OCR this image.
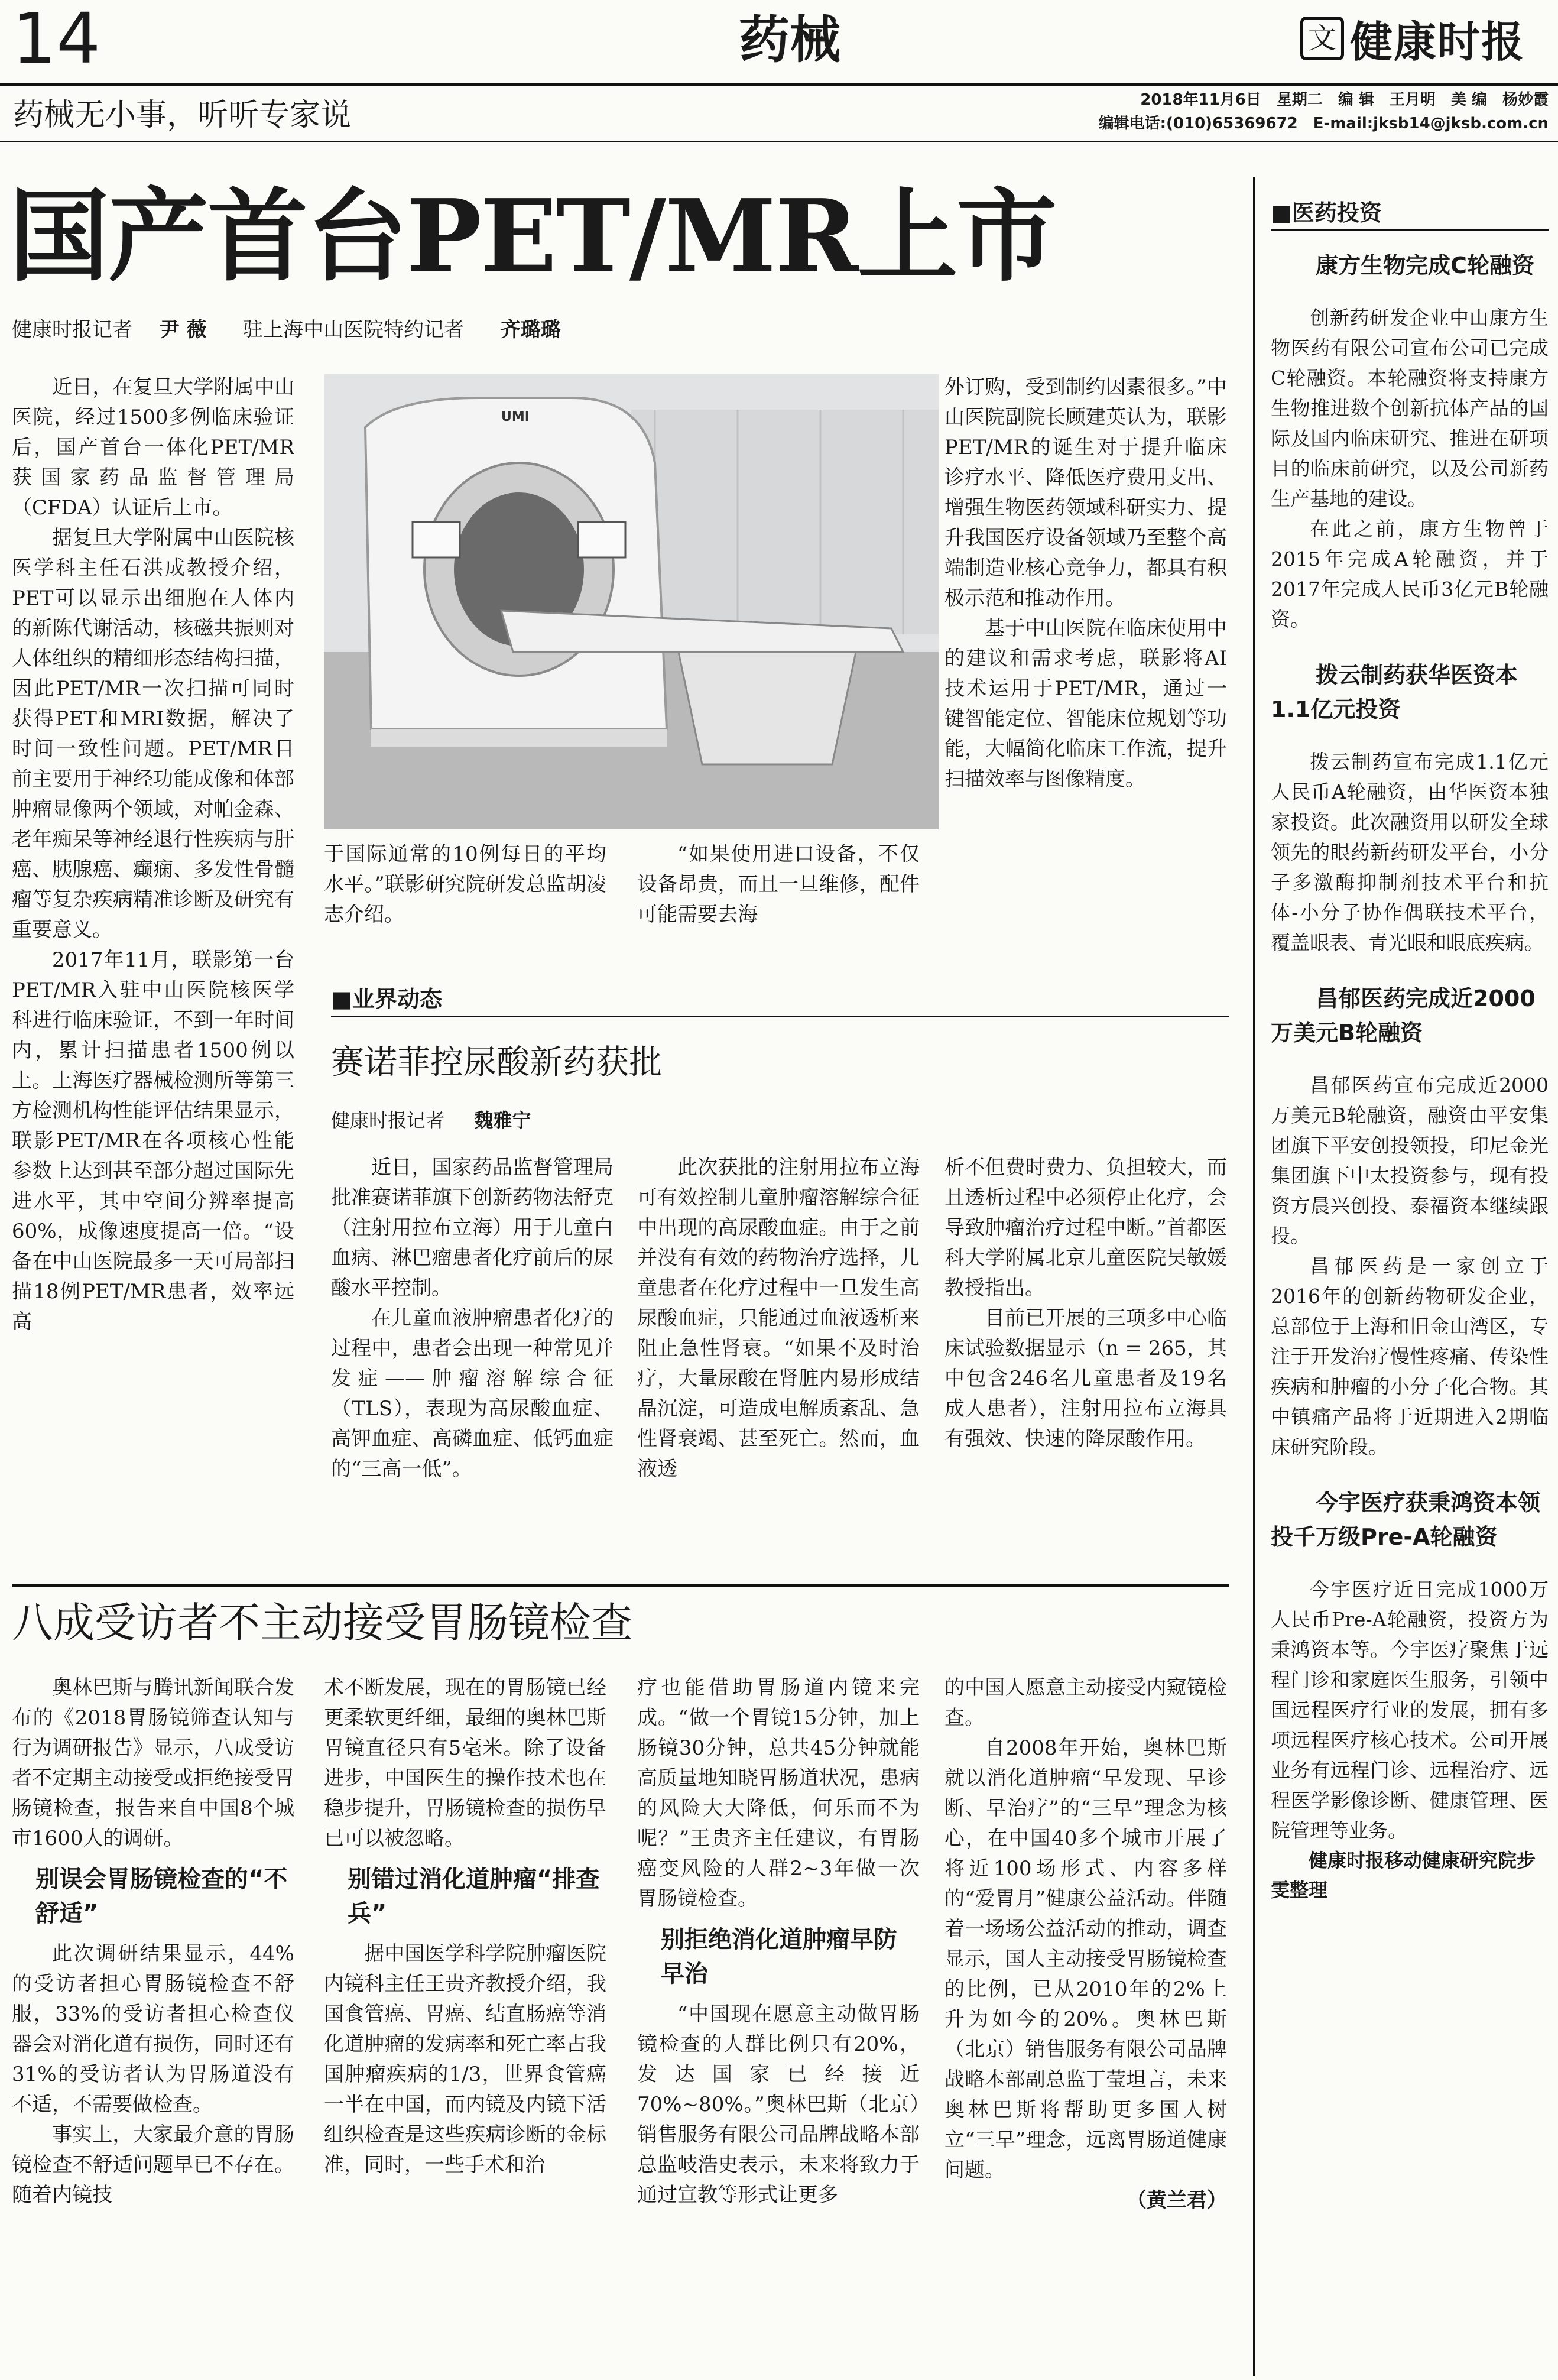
14	药械	文 健康时报
药械无小事，听听专家说	2018年11月6日　星期二　编 辑　王月明　美 编　杨妙霞
编辑电话:(010)65369672　E-mail:jksb14@jksb.com.cn
国产首台PET/MR上市
健康时报记者 尹 薇 驻上海中山医院特约记者 齐璐璐

近日，在复旦大学附属中山医院，经过1500多例临床验证后，国产首台一体化PET/MR获国家药品监督管理局（CFDA）认证后上市。

据复旦大学附属中山医院核医学科主任石洪成教授介绍，PET可以显示出细胞在人体内的新陈代谢活动，核磁共振则对人体组织的精细形态结构扫描，因此PET/MR一次扫描可同时获得PET和MRI数据，解决了时间一致性问题。PET/MR目前主要用于神经功能成像和体部肿瘤显像两个领域，对帕金森、老年痴呆等神经退行性疾病与肝癌、胰腺癌、癫痫、多发性骨髓瘤等复杂疾病精准诊断及研究有重要意义。

2017年11月，联影第一台PET/MR入驻中山医院核医学科进行临床验证，不到一年时间内，累计扫描患者1500例以上。上海医疗器械检测所等第三方检测机构性能评估结果显示，联影PET/MR在各项核心性能参数上达到甚至部分超过国际先进水平，其中空间分辨率提高60%，成像速度提高一倍。“设备在中山医院最多一天可局部扫描18例PET/MR患者，效率远高

UMI

于国际通常的10例每日的平均水平。”联影研究院研发总监胡凌志介绍。

“如果使用进口设备，不仅设备昂贵，而且一旦维修，配件可能需要去海

外订购，受到制约因素很多。”中山医院副院长顾建英认为，联影PET/MR的诞生对于提升临床诊疗水平、降低医疗费用支出、增强生物医药领域科研实力、提升我国医疗设备领域乃至整个高端制造业核心竞争力，都具有积极示范和推动作用。

基于中山医院在临床使用中的建议和需求考虑，联影将AI技术运用于PET/MR，通过一键智能定位、智能床位规划等功能，大幅简化临床工作流，提升扫描效率与图像精度。

■业界动态
赛诺菲控尿酸新药获批
健康时报记者 魏雅宁

近日，国家药品监督管理局批准赛诺菲旗下创新药物法舒克（注射用拉布立海）用于儿童白血病、淋巴瘤患者化疗前后的尿酸水平控制。

在儿童血液肿瘤患者化疗的过程中，患者会出现一种常见并发症——肿瘤溶解综合征（TLS），表现为高尿酸血症、高钾血症、高磷血症、低钙血症的“三高一低”。

此次获批的注射用拉布立海可有效控制儿童肿瘤溶解综合征中出现的高尿酸血症。由于之前并没有有效的药物治疗选择，儿童患者在化疗过程中一旦发生高尿酸血症，只能通过血液透析来阻止急性肾衰。“如果不及时治疗，大量尿酸在肾脏内易形成结晶沉淀，可造成电解质紊乱、急性肾衰竭、甚至死亡。然而，血液透

析不但费时费力、负担较大，而且透析过程中必须停止化疗，会导致肿瘤治疗过程中断。”首都医科大学附属北京儿童医院吴敏媛教授指出。

目前已开展的三项多中心临床试验数据显示（n = 265，其中包含246名儿童患者及19名成人患者），注射用拉布立海具有强效、快速的降尿酸作用。

八成受访者不主动接受胃肠镜检查

奥林巴斯与腾讯新闻联合发布的《2018胃肠镜筛查认知与行为调研报告》显示，八成受访者不定期主动接受或拒绝接受胃肠镜检查，报告来自中国8个城市1600人的调研。

别误会胃肠镜检查的“不舒适”

此次调研结果显示，44%的受访者担心胃肠镜检查不舒服，33%的受访者担心检查仪器会对消化道有损伤，同时还有31%的受访者认为胃肠道没有不适，不需要做检查。

事实上，大家最介意的胃肠镜检查不舒适问题早已不存在。随着内镜技

术不断发展，现在的胃肠镜已经更柔软更纤细，最细的奥林巴斯胃镜直径只有5毫米。除了设备进步，中国医生的操作技术也在稳步提升，胃肠镜检查的损伤早已可以被忽略。

别错过消化道肿瘤“排查兵”

据中国医学科学院肿瘤医院内镜科主任王贵齐教授介绍，我国食管癌、胃癌、结直肠癌等消化道肿瘤的发病率和死亡率占我国肿瘤疾病的1/3，世界食管癌一半在中国，而内镜及内镜下活组织检查是这些疾病诊断的金标准，同时，一些手术和治

疗也能借助胃肠道内镜来完成。“做一个胃镜15分钟，加上肠镜30分钟，总共45分钟就能高质量地知晓胃肠道状况，患病的风险大大降低，何乐而不为呢？”王贵齐主任建议，有胃肠癌变风险的人群2~3年做一次胃肠镜检查。

别拒绝消化道肿瘤早防早治

“中国现在愿意主动做胃肠镜检查的人群比例只有20%，发达国家已经接近70%~80%。”奥林巴斯（北京）销售服务有限公司品牌战略本部总监岐浩史表示，未来将致力于通过宣教等形式让更多

的中国人愿意主动接受内窥镜检查。

自2008年开始，奥林巴斯就以消化道肿瘤“早发现、早诊断、早治疗”的“三早”理念为核心，在中国40多个城市开展了将近100场形式、内容多样的“爱胃月”健康公益活动。伴随着一场场公益活动的推动，调查显示，国人主动接受胃肠镜检查的比例，已从2010年的2%上升为如今的20%。奥林巴斯（北京）销售服务有限公司品牌战略本部副总监丁莹坦言，未来奥林巴斯将帮助更多国人树立“三早”理念，远离胃肠道健康问题。

（黄兰君）

■医药投资
康方生物完成C轮融资
创新药研发企业中山康方生物医药有限公司宣布公司已完成C轮融资。本轮融资将支持康方生物推进数个创新抗体产品的国际及国内临床研究、推进在研项目的临床前研究，以及公司新药生产基地的建设。
在此之前，康方生物曾于2015年完成A轮融资，并于2017年完成人民币3亿元B轮融资。
拨云制药获华医资本1.1亿元投资
拨云制药宣布完成1.1亿元人民币A轮融资，由华医资本独家投资。此次融资用以研发全球领先的眼药新药研发平台，小分子多激酶抑制剂技术平台和抗体-小分子协作偶联技术平台，覆盖眼表、青光眼和眼底疾病。
昌郁医药完成近2000万美元B轮融资
昌郁医药宣布完成近2000万美元B轮融资，融资由平安集团旗下平安创投领投，印尼金光集团旗下中太投资参与，现有投资方晨兴创投、泰福资本继续跟投。
昌郁医药是一家创立于2016年的创新药物研发企业，总部位于上海和旧金山湾区，专注于开发治疗慢性疼痛、传染性疾病和肿瘤的小分子化合物。其中镇痛产品将于近期进入2期临床研究阶段。
今宇医疗获秉鸿资本领投千万级Pre-A轮融资
今宇医疗近日完成1000万人民币Pre-A轮融资，投资方为秉鸿资本等。今宇医疗聚焦于远程门诊和家庭医生服务，引领中国远程医疗行业的发展，拥有多项远程医疗核心技术。公司开展业务有远程门诊、远程治疗、远程医学影像诊断、健康管理、医院管理等业务。
健康时报移动健康研究院步雯整理
